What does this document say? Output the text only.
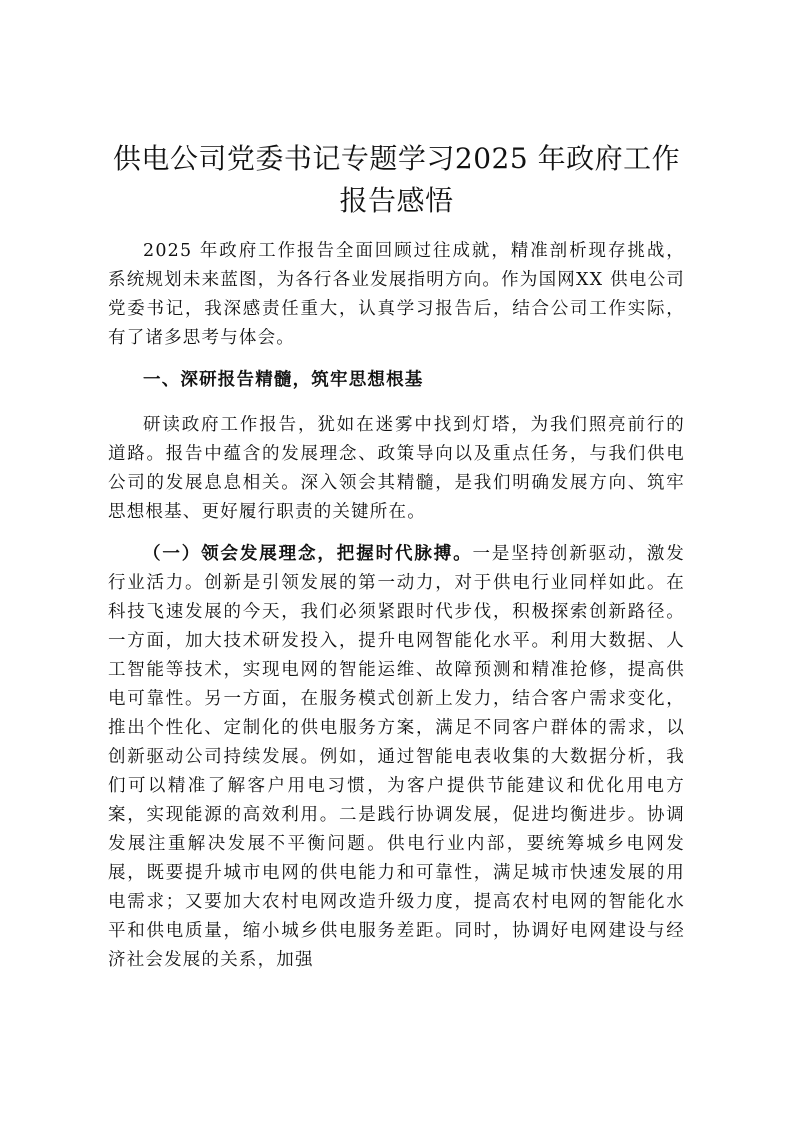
供电公司党委书记专题学习2025 年政府工作
报告感悟

2025 年政府工作报告全面回顾过往成就，精准剖析现存挑战，系统规划未来蓝图，为各行各业发展指明方向。作为国网XX 供电公司党委书记，我深感责任重大，认真学习报告后，结合公司工作实际，有了诸多思考与体会。

一、深研报告精髓，筑牢思想根基

研读政府工作报告，犹如在迷雾中找到灯塔，为我们照亮前行的道路。报告中蕴含的发展理念、政策导向以及重点任务，与我们供电公司的发展息息相关。深入领会其精髓，是我们明确发展方向、筑牢思想根基、更好履行职责的关键所在。

（一）领会发展理念，把握时代脉搏。一是坚持创新驱动，激发行业活力。创新是引领发展的第一动力，对于供电行业同样如此。在科技飞速发展的今天，我们必须紧跟时代步伐，积极探索创新路径。一方面，加大技术研发投入，提升电网智能化水平。利用大数据、人工智能等技术，实现电网的智能运维、故障预测和精准抢修，提高供电可靠性。另一方面，在服务模式创新上发力，结合客户需求变化，推出个性化、定制化的供电服务方案，满足不同客户群体的需求，以创新驱动公司持续发展。例如，通过智能电表收集的大数据分析，我们可以精准了解客户用电习惯，为客户提供节能建议和优化用电方案，实现能源的高效利用。二是践行协调发展，促进均衡进步。协调发展注重解决发展不平衡问题。供电行业内部，要统筹城乡电网发展，既要提升城市电网的供电能力和可靠性，满足城市快速发展的用电需求；又要加大农村电网改造升级力度，提高农村电网的智能化水平和供电质量，缩小城乡供电服务差距。同时，协调好电网建设与经济社会发展的关系，加强
